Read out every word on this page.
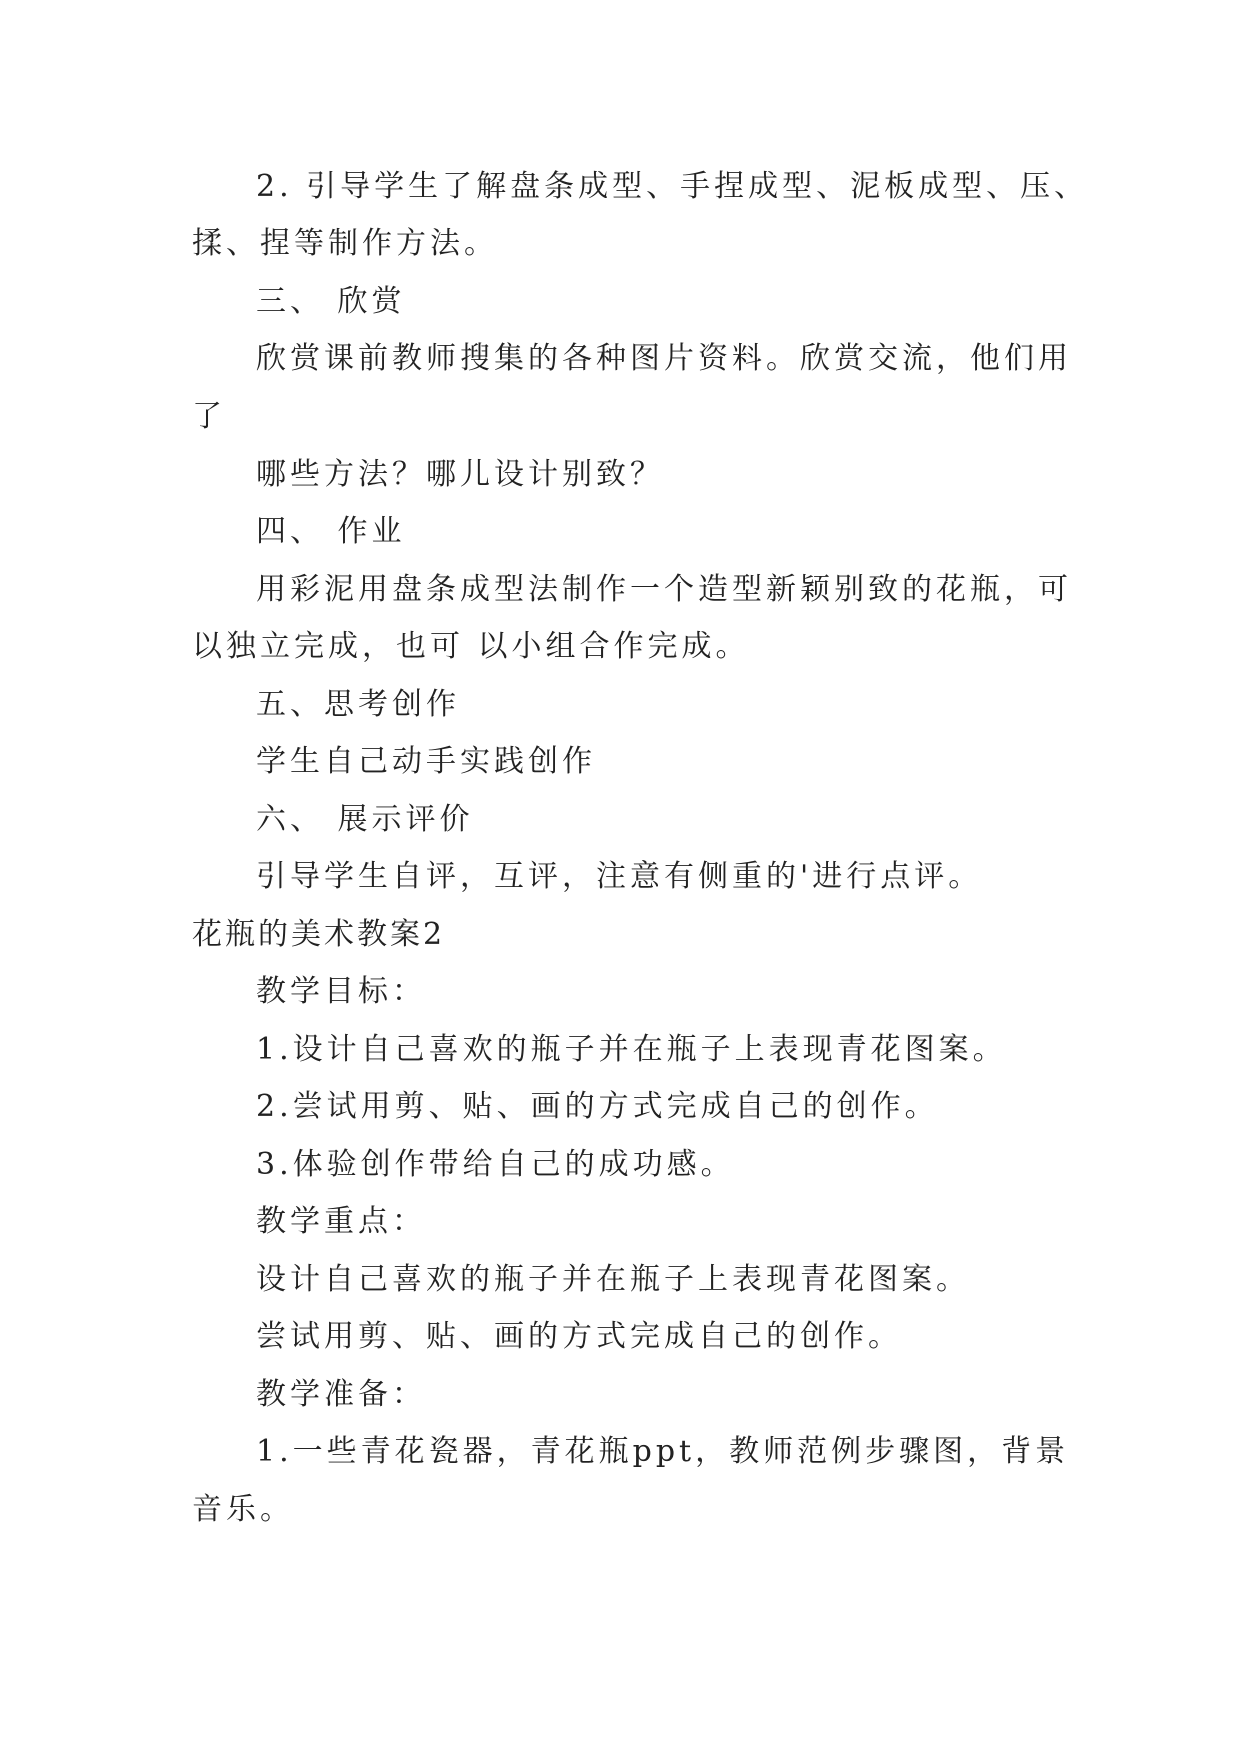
2. 引导学生了解盘条成型、手捏成型、泥板成型、压、

揉、捏等制作方法。

三、 欣赏

欣赏课前教师搜集的各种图片资料。欣赏交流，他们用

了

哪些方法？哪儿设计别致？

四、 作业

用彩泥用盘条成型法制作一个造型新颖别致的花瓶，可

以独立完成，也可 以小组合作完成。

五、思考创作

学生自己动手实践创作

六、 展示评价

引导学生自评，互评，注意有侧重的'进行点评。

花瓶的美术教案2

教学目标：

1.设计自己喜欢的瓶子并在瓶子上表现青花图案。

2.尝试用剪、贴、画的方式完成自己的创作。

3.体验创作带给自己的成功感。

教学重点：

设计自己喜欢的瓶子并在瓶子上表现青花图案。

尝试用剪、贴、画的方式完成自己的创作。

教学准备：

1.一些青花瓷器，青花瓶ppt，教师范例步骤图，背景

音乐。
